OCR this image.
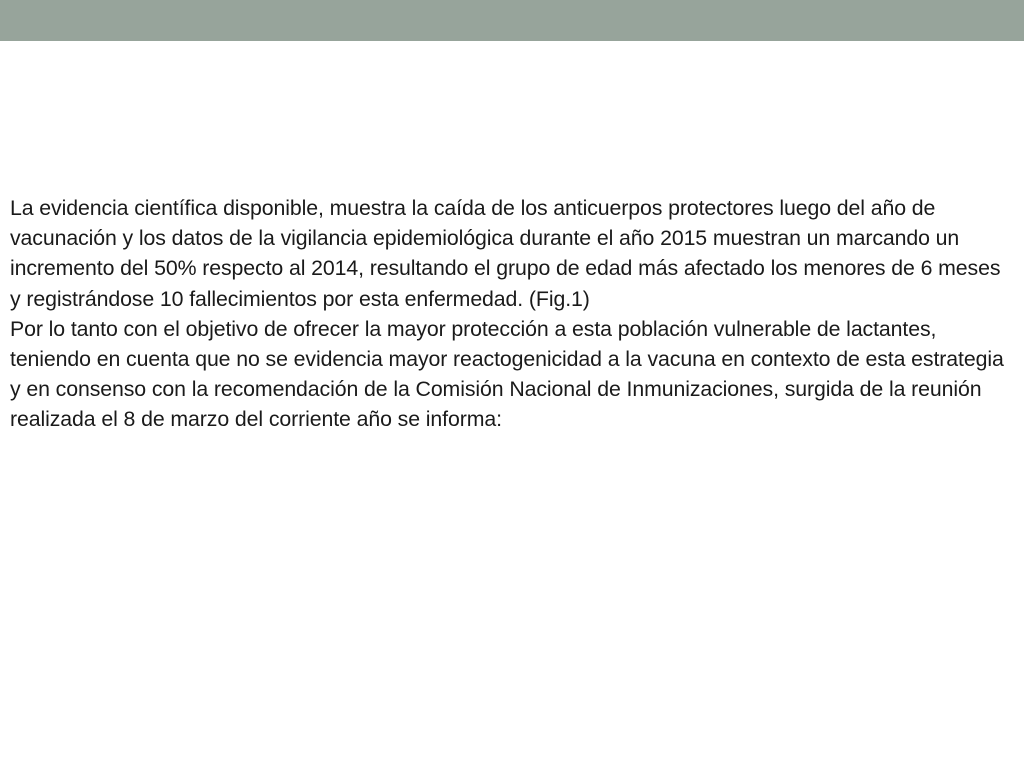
La evidencia científica disponible, muestra la caída de los anticuerpos protectores luego del año de vacunación y los datos de la vigilancia epidemiológica durante el año 2015 muestran un marcando un incremento del 50% respecto al 2014, resultando el grupo de edad más afectado los menores de 6 meses y registrándose 10 fallecimientos por esta enfermedad. (Fig.1)

Por lo tanto con el objetivo de ofrecer la mayor protección a esta población vulnerable de lactantes, teniendo en cuenta que no se evidencia mayor reactogenicidad a la vacuna en contexto de esta estrategia y en consenso con la recomendación de la Comisión Nacional de Inmunizaciones, surgida de la reunión realizada el 8 de marzo del corriente año se informa:
